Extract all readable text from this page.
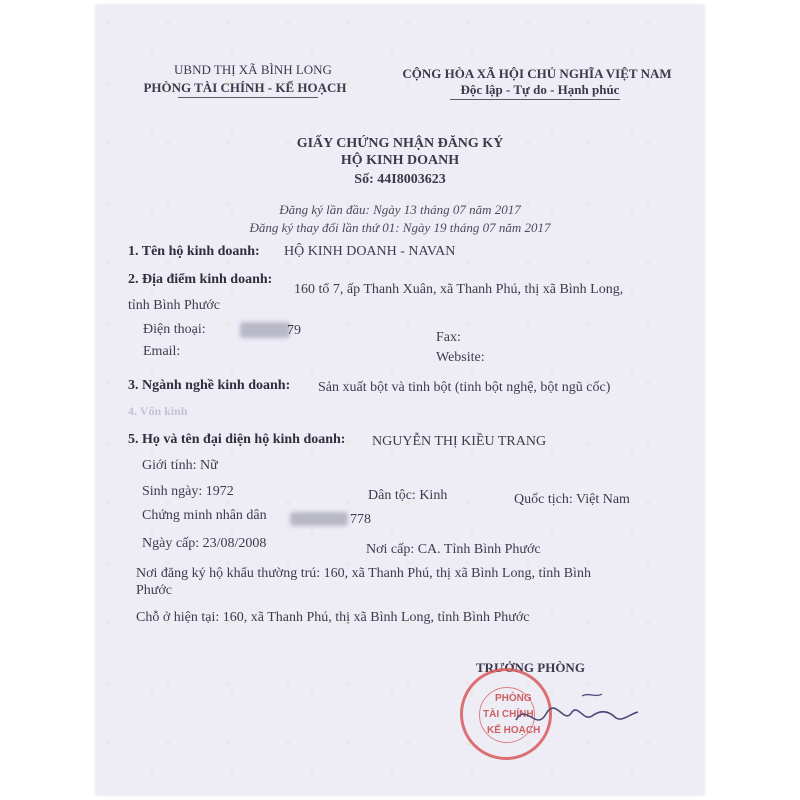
UBND THỊ XÃ BÌNH LONG
PHÒNG TÀI CHÍNH - KẾ HOẠCH
CỘNG HÒA XÃ HỘI CHỦ NGHĨA VIỆT NAM
Độc lập - Tự do - Hạnh phúc
GIẤY CHỨNG NHẬN ĐĂNG KÝ
HỘ KINH DOANH
Số: 44I8003623
Đăng ký lần đầu: Ngày 13 tháng 07 năm 2017
Đăng ký thay đổi lần thứ 01: Ngày 19 tháng 07 năm 2017
1. Tên hộ kinh doanh: HỘ KINH DOANH - NAVAN
2. Địa điểm kinh doanh:
160 tổ 7, ấp Thanh Xuân, xã Thanh Phú, thị xã Bình Long,
tỉnh Bình Phước
Điện thoại:	79	Fax:
Email:	Website:
3. Ngành nghề kinh doanh: Sản xuất bột và tinh bột (tinh bột nghệ, bột ngũ cốc)
4. Vốn kinh
5. Họ và tên đại diện hộ kinh doanh: NGUYỄN THỊ KIỀU TRANG
Giới tính: Nữ
Sinh ngày: 1972	Dân tộc: Kinh	Quốc tịch: Việt Nam
Chứng minh nhân dân	778
Ngày cấp: 23/08/2008	Nơi cấp: CA. Tỉnh Bình Phước
Nơi đăng ký hộ khẩu thường trú: 160, xã Thanh Phú, thị xã Bình Long, tỉnh Bình
Phước
Chỗ ở hiện tại: 160, xã Thanh Phú, thị xã Bình Long, tỉnh Bình Phước
TRƯỞNG PHÒNG
PHÒNG
TÀI CHÍNH
KẾ HOẠCH
